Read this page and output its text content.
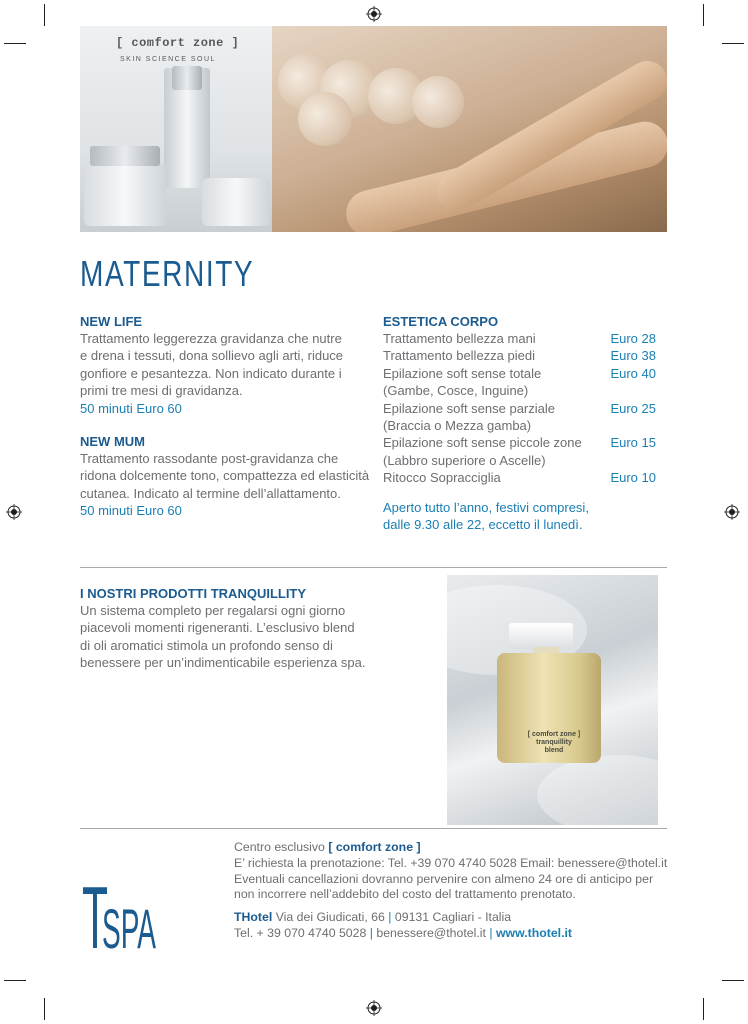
[ comfort zone ]
SKIN SCIENCE SOUL
MATERNITY
NEW LIFE

Trattamento leggerezza gravidanza che nutre

e drena i tessuti, dona sollievo agli arti, riduce

gonfiore e pesantezza. Non indicato durante i

primi tre mesi di gravidanza.

50 minuti Euro 60

NEW MUM

Trattamento rassodante post-gravidanza che

ridona dolcemente tono, compattezza ed elasticità

cutanea. Indicato al termine dell’allattamento.

50 minuti Euro 60

ESTETICA CORPO
Trattamento bellezza mani	Euro 28
Trattamento bellezza piedi	Euro 38
Epilazione soft sense totale
(Gambe, Cosce, Inguine)	Euro 40
Epilazione soft sense parziale
(Braccia o Mezza gamba)	Euro 25
Epilazione soft sense piccole zone
(Labbro superiore o Ascelle)	Euro 15
Ritocco Sopracciglia	Euro 10

Aperto tutto l’anno, festivi compresi,

dalle 9.30 alle 22, eccetto il lunedì.

I NOSTRI PRODOTTI TRANQUILLITY

Un sistema completo per regalarsi ogni giorno

piacevoli momenti rigeneranti. L’esclusivo blend

di oli aromatici stimola un profondo senso di

benessere per un’indimenticabile esperienza spa.

[ comfort zone ]
tranquillity
blend
T
SPA

Centro esclusivo [ comfort zone ]

E’ richiesta la prenotazione: Tel. +39 070 4740 5028 Email: benessere@thotel.it

Eventuali cancellazioni dovranno pervenire con almeno 24 ore di anticipo per

non incorrere nell’addebito del costo del trattamento prenotato.

THotel Via dei Giudicati, 66 | 09131 Cagliari - Italia

Tel. + 39 070 4740 5028 | benessere@thotel.it | www.thotel.it
